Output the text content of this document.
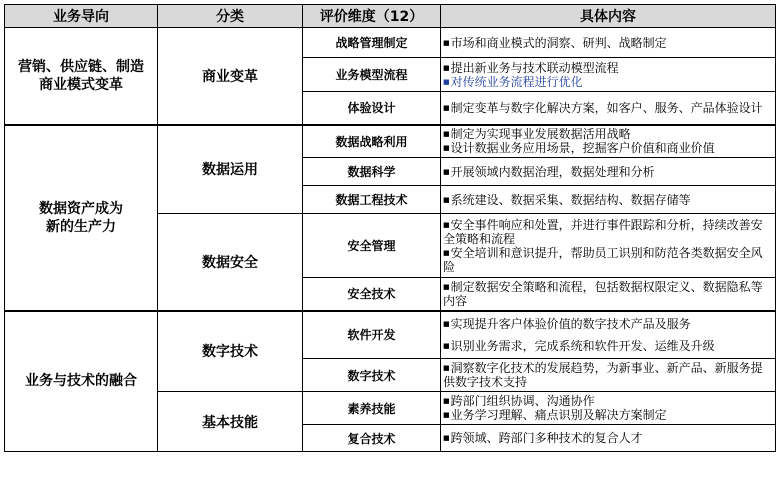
业务导向	分类	评价维度（12）	具体内容

营销、供应链、制造
商业模式变革	商业变革	战略管理制定	■ 市场和商业模式的洞察、研判、战略制定

		业务模型流程	■ 提出新业务与技术联动模型流程
■ 对传统业务流程进行优化

		体验设计	■ 制定变革与数字化解决方案，如客户、服务、产品体验设计

数据资产成为
新的生产力	数据运用	数据战略利用	■ 制定为实现事业发展数据活用战略
■ 设计数据业务应用场景，挖掘客户价值和商业价值

		数据科学	■ 开展领域内数据治理，数据处理和分析

		数据工程技术	■ 系统建设、数据采集、数据结构、数据存储等

	数据安全	安全管理	■ 安全事件响应和处置，并进行事件跟踪和分析，持续改善安全策略和流程
■ 安全培训和意识提升，帮助员工识别和防范各类数据安全风险

		安全技术	■ 制定数据安全策略和流程，包括数据权限定义、数据隐私等内容

业务与技术的融合	数字技术	软件开发	■ 实现提升客户体验价值的数字技术产品及服务
■ 识别业务需求，完成系统和软件开发、运维及升级

		数字技术	■ 洞察数字化技术的发展趋势，为新事业、新产品、新服务提供数字技术支持

	基本技能	素养技能	■ 跨部门组织协调、沟通协作
■ 业务学习理解、痛点识别及解决方案制定

		复合技术	■ 跨领域、跨部门多种技术的复合人才
